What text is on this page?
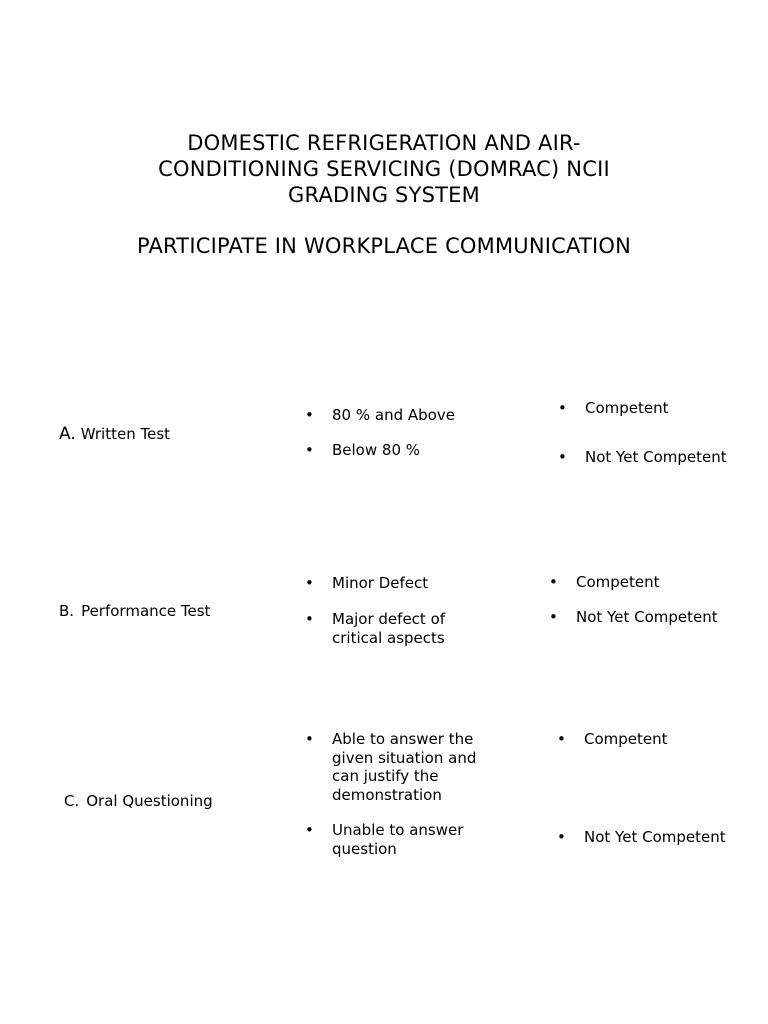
DOMESTIC REFRIGERATION AND AIR-
CONDITIONING SERVICING (DOMRAC) NCII
GRADING SYSTEM
PARTICIPATE IN WORKPLACE COMMUNICATION
A. Written Test
•	80 % and Above
•	Below 80 %
•	Competent
•	Not Yet Competent
B. Performance Test
•	Minor Defect
•	Major defect of critical aspects
•	Competent
•	Not Yet Competent
C. Oral Questioning
•	Able to answer the given situation and can justify the demonstration
•	Unable to answer question
•	Competent
•	Not Yet Competent
